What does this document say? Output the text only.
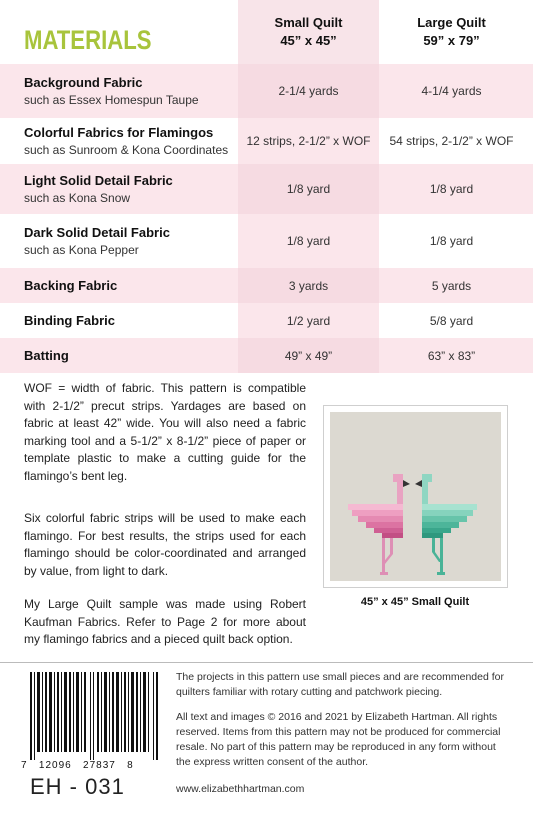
MATERIALS
Small Quilt
45” x 45”
Large Quilt
59” x 79”
Background Fabric
such as Essex Homespun Taupe
2-1/4 yards	4-1/4 yards
Colorful Fabrics for Flamingos
such as Sunroom & Kona Coordinates
12 strips, 2-1/2” x WOF	54 strips, 2-1/2” x WOF
Light Solid Detail Fabric
such as Kona Snow
1/8 yard	1/8 yard
Dark Solid Detail Fabric
such as Kona Pepper
1/8 yard	1/8 yard
Backing Fabric	3 yards	5 yards
Binding Fabric	1/2 yard	5/8 yard
Batting	49” x 49”	63” x 83”
WOF = width of fabric. This pattern is compatible with 2-1/2” precut strips. Yardages are based on fabric at least 42” wide. You will also need a fabric marking tool and a 5-1/2” x 8-1/2” piece of paper or template plastic to make a cutting guide for the flamingo’s bent leg.
Six colorful fabric strips will be used to make each flamingo. For best results, the strips used for each flamingo should be color-coordinated and arranged by value, from light to dark.
My Large Quilt sample was made using Robert Kaufman Fabrics. Refer to Page 2 for more about my flamingo fabrics and a pieced quilt back option.
45” x 45” Small Quilt
7   12096   27837   8
EH - 031
The projects in this pattern use small pieces and are recommended for quilters familiar with rotary cutting and patchwork piecing.
All text and images © 2016 and 2021 by Elizabeth Hartman. All rights reserved. Items from this pattern may not be produced for commercial resale. No part of this pattern may be reproduced in any form without the express written consent of the author.
www.elizabethhartman.com
